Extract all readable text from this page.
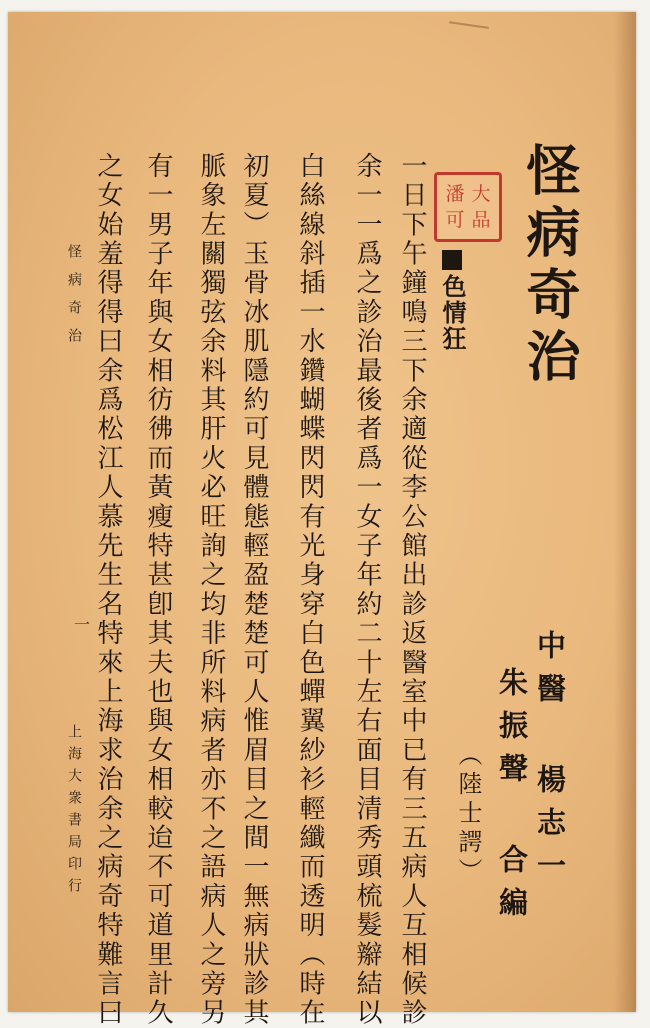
怪病奇治
中醫 楊志一
朱振聲 合編
（陸士諤）
潘 大
可 品
色情狂
一日下午鐘鳴三下余適從李公館出診返醫室中已有三五病人互相候診
余一一爲之診治最後者爲一女子年約二十左右面目清秀頭梳髮辮結以
白絲線斜插一水鑽蝴蝶閃閃有光身穿白色蟬翼紗衫輕纖而透明（時在
初夏）玉骨冰肌隱約可見體態輕盈楚楚可人惟眉目之間一無病狀診其
脈象左關獨弦余料其肝火必旺詢之均非所料病者亦不之語病人之旁另
有一男子年與女相彷彿而黃瘦特甚卽其夫也與女相較迨不可道里計久
之女始羞得得曰余爲松江人慕先生名特來上海求治余之病奇特難言曰
怪病奇治
一
上海大衆書局印行
